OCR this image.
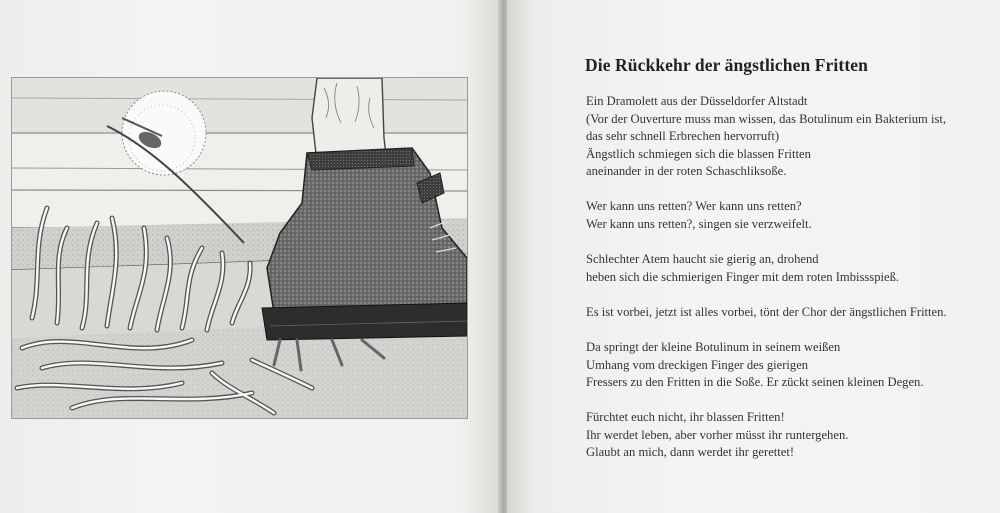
Die Rückkehr der ängstlichen Fritten

Ein Dramolett aus der Düsseldorfer Altstadt
(Vor der Ouverture muss man wissen, das Botulinum ein Bakterium ist,
das sehr schnell Erbrechen hervorruft)
Ängstlich schmiegen sich die blassen Fritten
aneinander in der roten Schaschliksoße.

Wer kann uns retten? Wer kann uns retten?
Wer kann uns retten?, singen sie verzweifelt.

Schlechter Atem haucht sie gierig an, drohend
heben sich die schmierigen Finger mit dem roten Imbissspieß.

Es ist vorbei, jetzt ist alles vorbei, tönt der Chor der ängstlichen Fritten.

Da springt der kleine Botulinum in seinem weißen
Umhang vom dreckigen Finger des gierigen
Fressers zu den Fritten in die Soße. Er zückt seinen kleinen Degen.

Fürchtet euch nicht, ihr blassen Fritten!
Ihr werdet leben, aber vorher müsst ihr runtergehen.
Glaubt an mich, dann werdet ihr gerettet!
